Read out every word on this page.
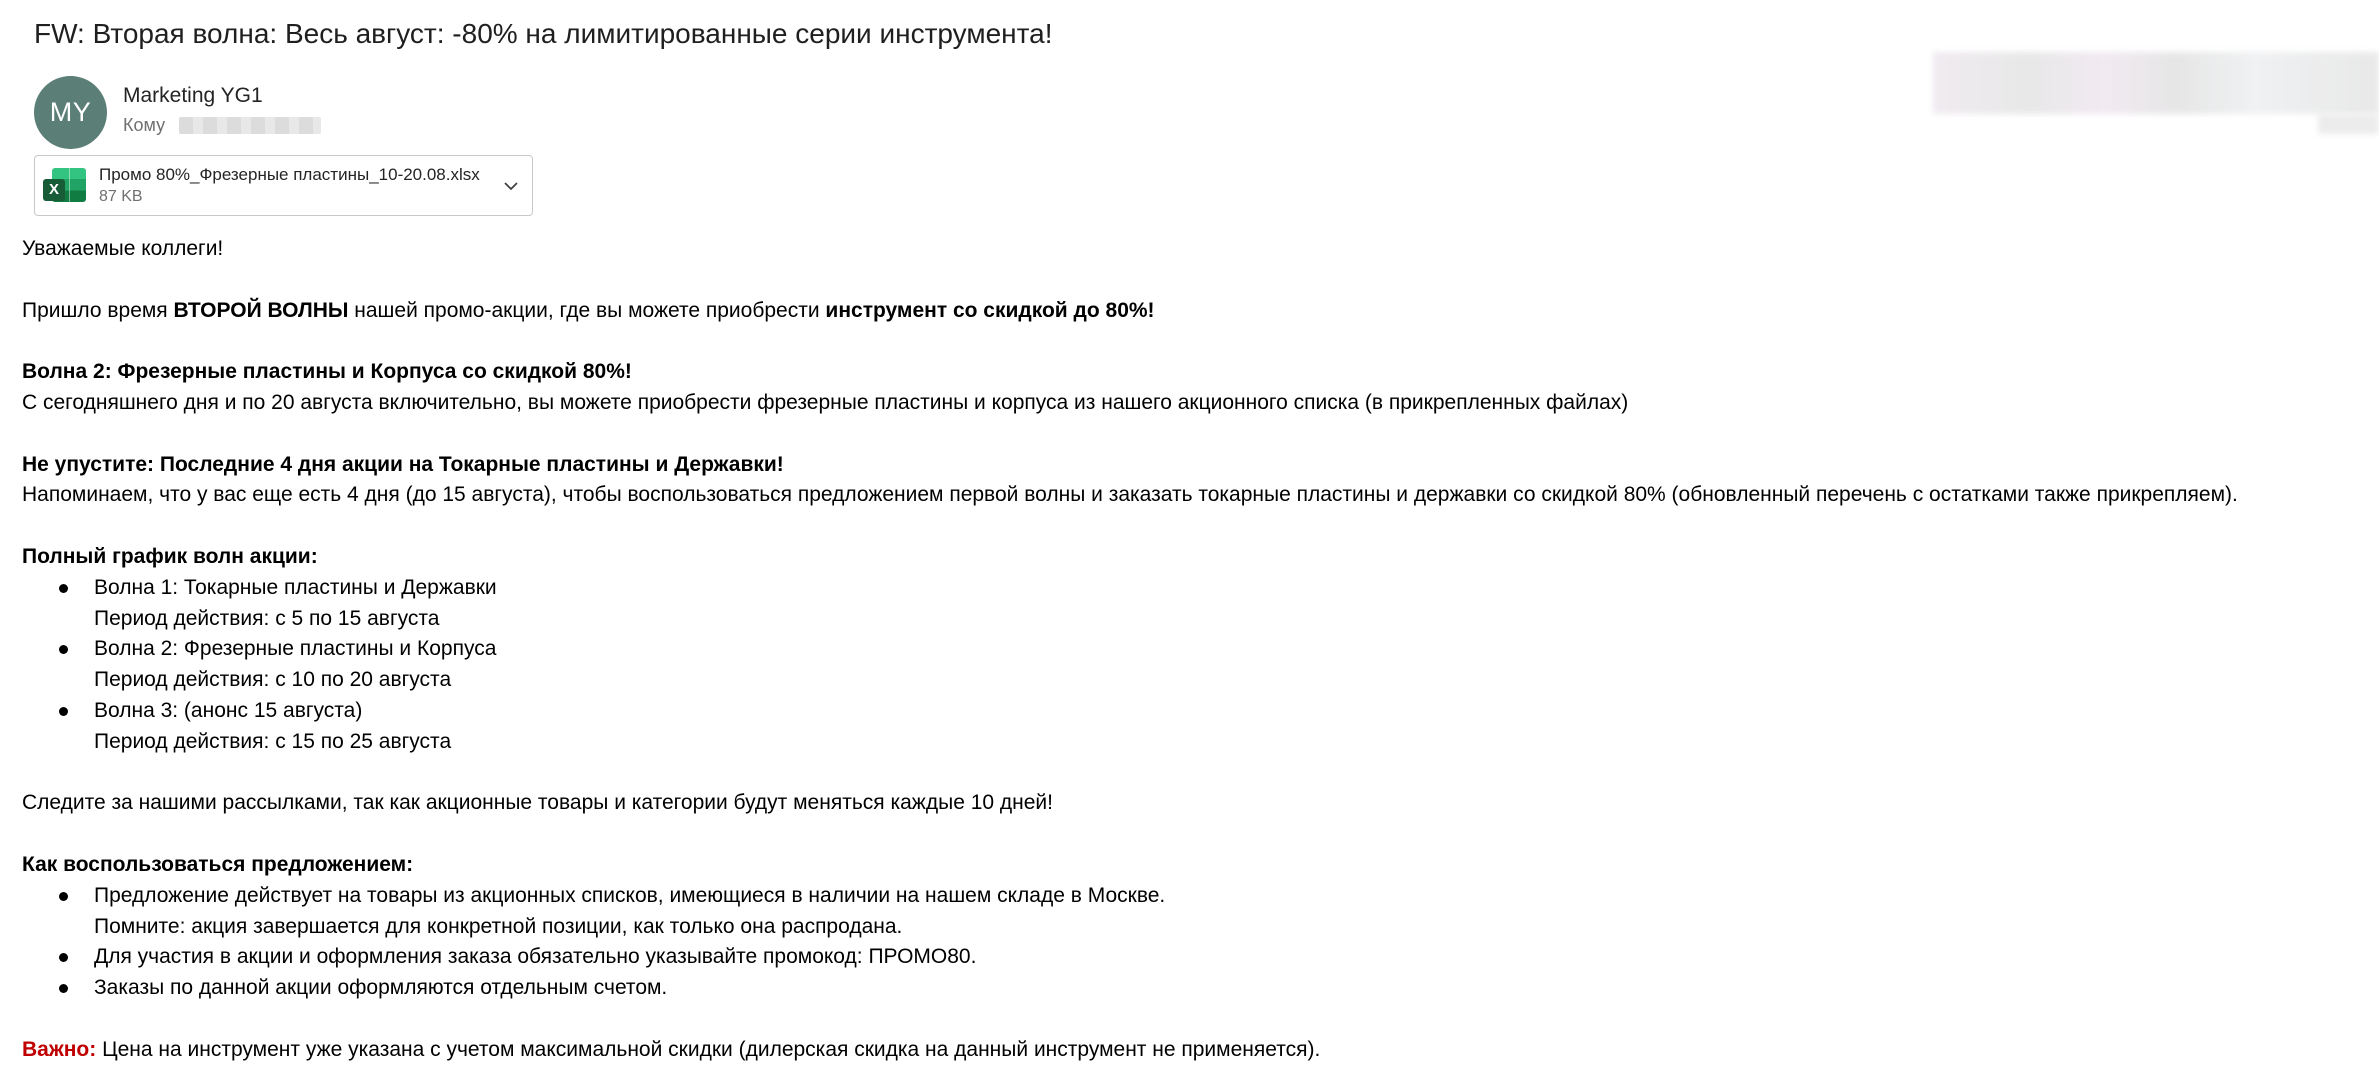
FW: Вторая волна: Весь август: -80% на лимитированные серии инструмента!
MY
Marketing YG1
Кому
X
Промо 80%_Фрезерные пластины_10-20.08.xlsx
87 KB

Уважаемые коллеги!

Пришло время ВТОРОЙ ВОЛНЫ нашей промо-акции, где вы можете приобрести инструмент со скидкой до 80%!

Волна 2: Фрезерные пластины и Корпуса со скидкой 80%!

С сегодняшнего дня и по 20 августа включительно, вы можете приобрести фрезерные пластины и корпуса из нашего акционного списка (в прикрепленных файлах)

Не упустите: Последние 4 дня акции на Токарные пластины и Державки!

Напоминаем, что у вас еще есть 4 дня (до 15 августа), чтобы воспользоваться предложением первой волны и заказать токарные пластины и державки со скидкой 80% (обновленный перечень с остатками также прикрепляем).

Полный график волн акции:

Волна 1: Токарные пластины и Державки

Период действия: с 5 по 15 августа

Волна 2: Фрезерные пластины и Корпуса

Период действия: с 10 по 20 августа

Волна 3: (анонс 15 августа)

Период действия: с 15 по 25 августа

Следите за нашими рассылками, так как акционные товары и категории будут меняться каждые 10 дней!

Как воспользоваться предложением:

Предложение действует на товары из акционных списков, имеющиеся в наличии на нашем складе в Москве.

Помните: акция завершается для конкретной позиции, как только она распродана.

Для участия в акции и оформления заказа обязательно указывайте промокод: ПРОМО80.

Заказы по данной акции оформляются отдельным счетом.

Важно: Цена на инструмент уже указана с учетом максимальной скидки (дилерская скидка на данный инструмент не применяется).
